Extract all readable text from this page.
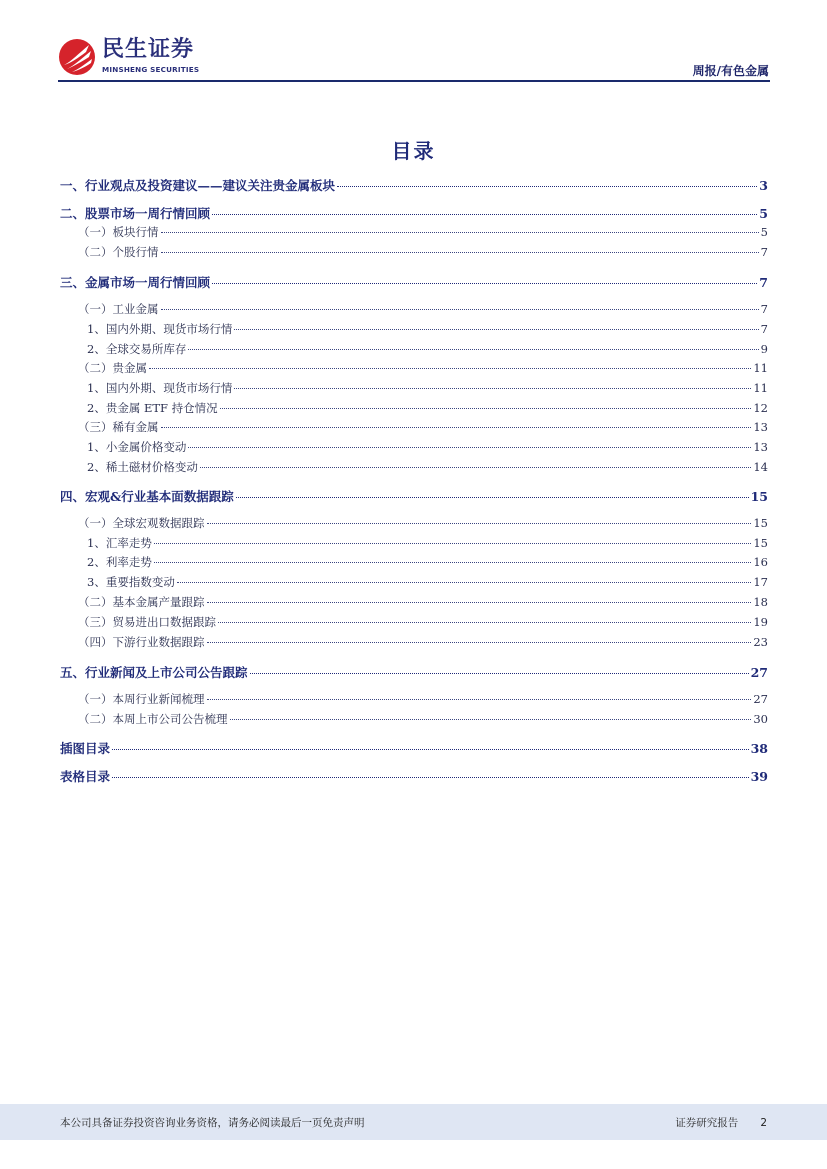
民生证券
MINSHENG SECURITIES	周报/有色金属
目录
一、行业观点及投资建议——建议关注贵金属板块	3
二、股票市场一周行情回顾	5
（一）板块行情	5
（二）个股行情	7
三、金属市场一周行情回顾	7
（一）工业金属	7
1、国内外期、现货市场行情	7
2、全球交易所库存	9
（二）贵金属	11
1、国内外期、现货市场行情	11
2、贵金属 ETF 持仓情况	12
（三）稀有金属	13
1、小金属价格变动	13
2、稀土磁材价格变动	14
四、宏观&行业基本面数据跟踪	15
（一）全球宏观数据跟踪	15
1、汇率走势	15
2、利率走势	16
3、重要指数变动	17
（二）基本金属产量跟踪	18
（三）贸易进出口数据跟踪	19
（四）下游行业数据跟踪	23
五、行业新闻及上市公司公告跟踪	27
（一）本周行业新闻梳理	27
（二）本周上市公司公告梳理	30
插图目录	38
表格目录	39
本公司具备证券投资咨询业务资格，请务必阅读最后一页免责声明	证券研究报告 2
